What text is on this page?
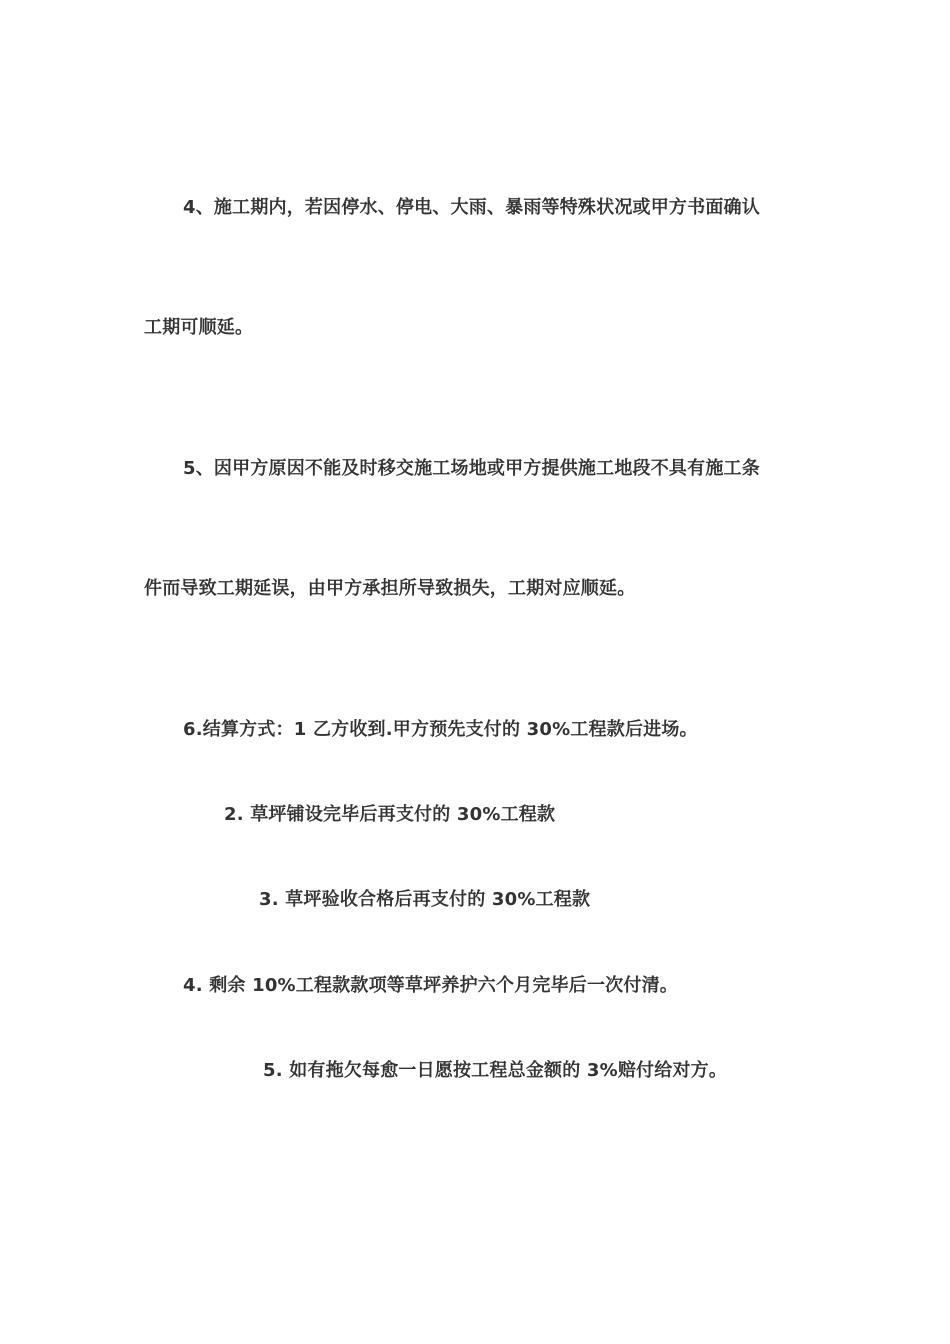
4、施工期内，若因停水、停电、大雨、暴雨等特殊状况或甲方书面确认
工期可顺延。
5、因甲方原因不能及时移交施工场地或甲方提供施工地段不具有施工条
件而导致工期延误，由甲方承担所导致损失，工期对应顺延。
6.结算方式：1 乙方收到.甲方预先支付的 30%工程款后进场。
2. 草坪铺设完毕后再支付的 30%工程款
3. 草坪验收合格后再支付的 30%工程款
4. 剩余 10%工程款款项等草坪养护六个月完毕后一次付清。
5. 如有拖欠每愈一日愿按工程总金额的 3%赔付给对方。
